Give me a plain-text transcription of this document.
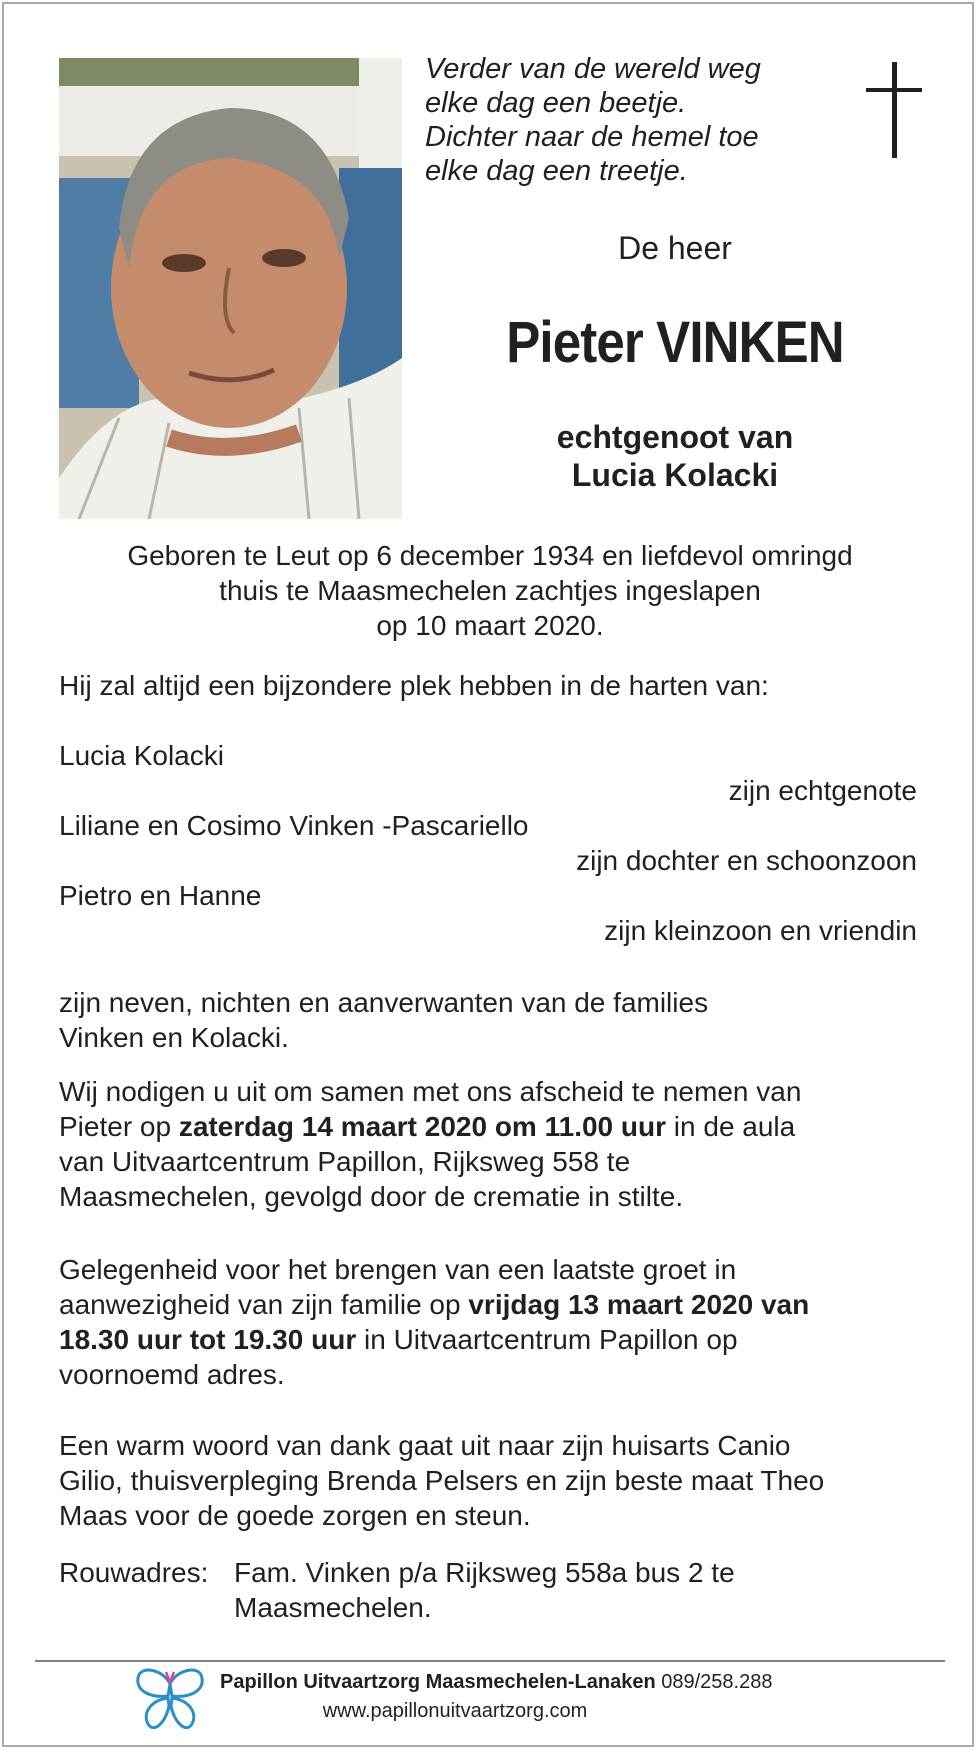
Verder van de wereld weg
elke dag een beetje.
Dichter naar de hemel toe
elke dag een treetje.
De heer
Pieter VINKEN
echtgenoot van
Lucia Kolacki
Geboren te Leut op 6 december 1934 en liefdevol omringd
thuis te Maasmechelen zachtjes ingeslapen
op 10 maart 2020.
Hij zal altijd een bijzondere plek hebben in de harten van:
Lucia Kolacki
zijn echtgenote
Liliane en Cosimo Vinken -Pascariello
zijn dochter en schoonzoon
Pietro en Hanne
zijn kleinzoon en vriendin
zijn neven, nichten en aanverwanten van de families
Vinken en Kolacki.
Wij nodigen u uit om samen met ons afscheid te nemen van
Pieter op zaterdag 14 maart 2020 om 11.00 uur in de aula
van Uitvaartcentrum Papillon, Rijksweg 558 te
Maasmechelen, gevolgd door de crematie in stilte.
Gelegenheid voor het brengen van een laatste groet in
aanwezigheid van zijn familie op vrijdag 13 maart 2020 van
18.30 uur tot 19.30 uur in Uitvaartcentrum Papillon op
voornoemd adres.
Een warm woord van dank gaat uit naar zijn huisarts Canio
Gilio, thuisverpleging Brenda Pelsers en zijn beste maat Theo
Maas voor de goede zorgen en steun.
Rouwadres: Fam. Vinken p/a Rijksweg 558a bus 2 te
Maasmechelen.
Papillon Uitvaartzorg Maasmechelen-Lanaken 089/258.288
www.papillonuitvaartzorg.com
